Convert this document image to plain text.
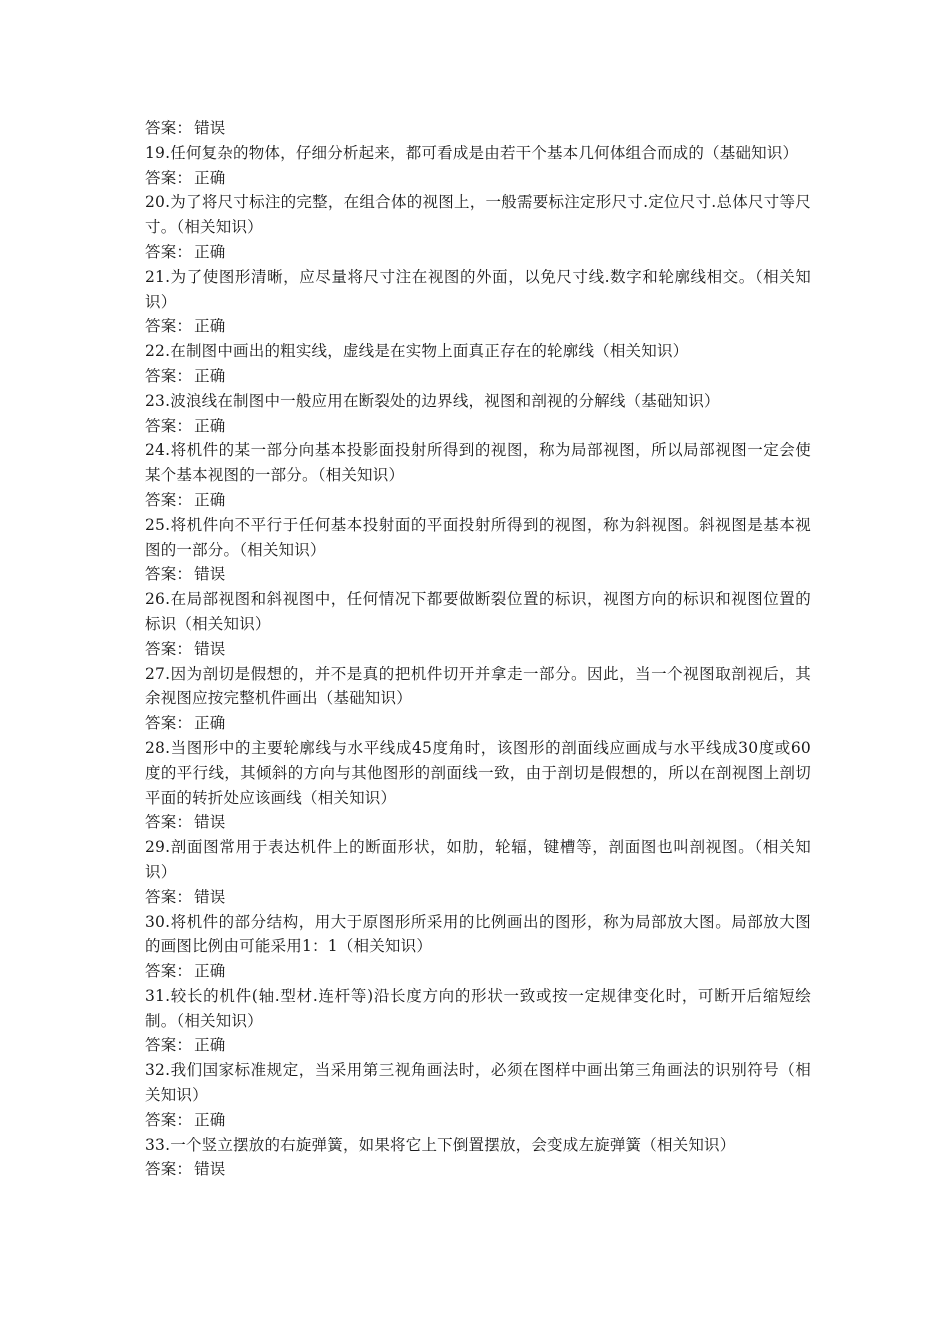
答案： 错误

19.任何复杂的物体，仔细分析起来，都可看成是由若干个基本几何体组合而成的（基础知识）

答案： 正确

20.为了将尺寸标注的完整，在组合体的视图上，一般需要标注定形尺寸.定位尺寸.总体尺寸等尺寸。（相关知识）

答案： 正确

21.为了使图形清晰，应尽量将尺寸注在视图的外面，以免尺寸线.数字和轮廓线相交。（相关知识）

答案： 正确

22.在制图中画出的粗实线，虚线是在实物上面真正存在的轮廓线（相关知识）

答案： 正确

23.波浪线在制图中一般应用在断裂处的边界线，视图和剖视的分解线（基础知识）

答案： 正确

24.将机件的某一部分向基本投影面投射所得到的视图，称为局部视图，所以局部视图一定会使某个基本视图的一部分。（相关知识）

答案： 正确

25.将机件向不平行于任何基本投射面的平面投射所得到的视图，称为斜视图。斜视图是基本视图的一部分。（相关知识）

答案： 错误

26.在局部视图和斜视图中，任何情况下都要做断裂位置的标识，视图方向的标识和视图位置的标识（相关知识）

答案： 错误

27.因为剖切是假想的，并不是真的把机件切开并拿走一部分。因此，当一个视图取剖视后，其余视图应按完整机件画出（基础知识）

答案： 正确

28.当图形中的主要轮廓线与水平线成45度角时，该图形的剖面线应画成与水平线成30度或60度的平行线，其倾斜的方向与其他图形的剖面线一致，由于剖切是假想的，所以在剖视图上剖切平面的转折处应该画线（相关知识）

答案： 错误

29.剖面图常用于表达机件上的断面形状，如肋，轮辐，键槽等，剖面图也叫剖视图。（相关知识）

答案： 错误

30.将机件的部分结构，用大于原图形所采用的比例画出的图形，称为局部放大图。局部放大图的画图比例由可能采用1：1（相关知识）

答案： 正确

31.较长的机件(轴.型材.连杆等)沿长度方向的形状一致或按一定规律变化时，可断开后缩短绘制。（相关知识）

答案： 正确

32.我们国家标准规定，当采用第三视角画法时，必须在图样中画出第三角画法的识别符号（相关知识）

答案： 正确

33.一个竖立摆放的右旋弹簧，如果将它上下倒置摆放，会变成左旋弹簧（相关知识）

答案： 错误
